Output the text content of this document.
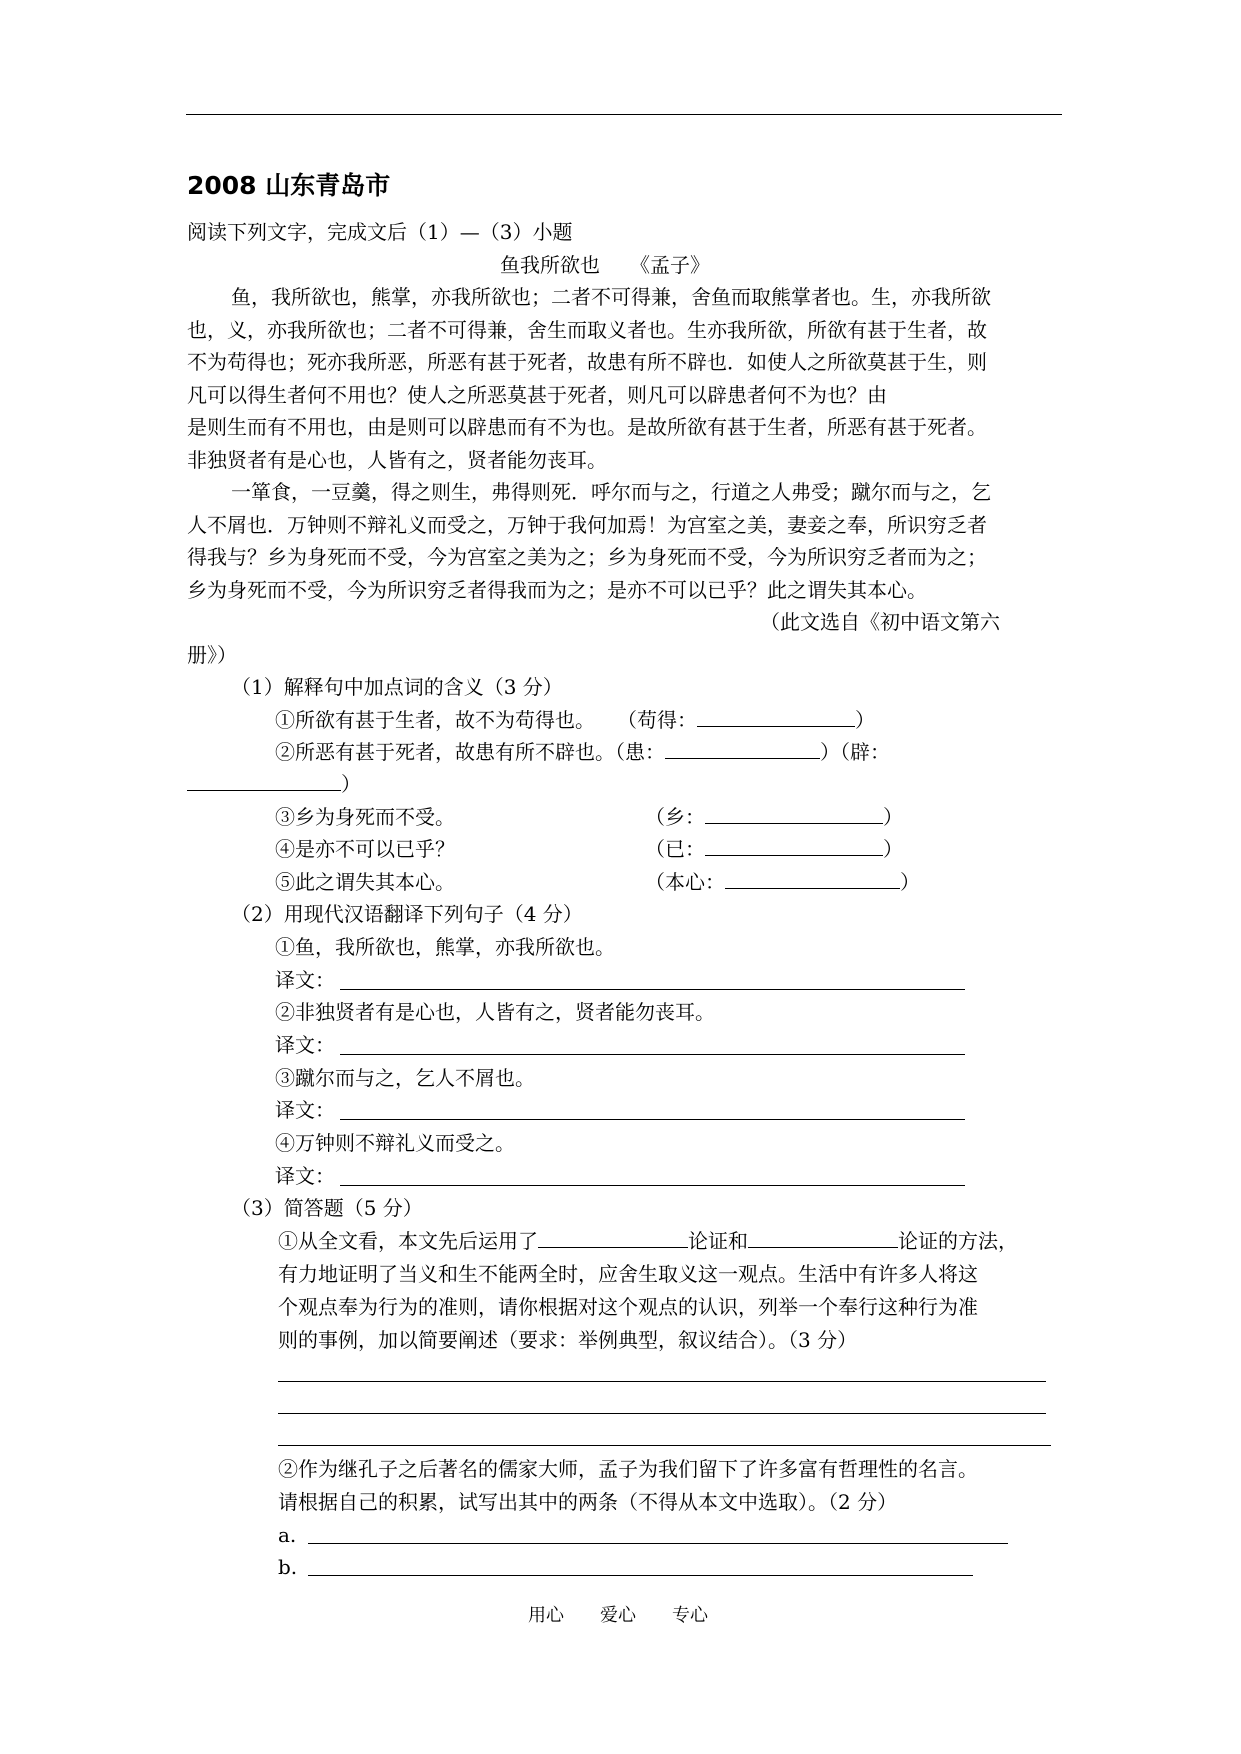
2008 山东青岛市
阅读下列文字，完成文后（1）—（3）小题
鱼我所欲也　　《孟子》
鱼，我所欲也，熊掌，亦我所欲也；二者不可得兼，舍鱼而取熊掌者也。生，亦我所欲
也，义，亦我所欲也；二者不可得兼，舍生而取义者也。生亦我所欲，所欲有甚于生者，故
不为苟得也；死亦我所恶，所恶有甚于死者，故患有所不辟也．如使人之所欲莫甚于生，则
凡可以得生者何不用也？使人之所恶莫甚于死者，则凡可以辟患者何不为也？由
是则生而有不用也，由是则可以辟患而有不为也。是故所欲有甚于生者，所恶有甚于死者。
非独贤者有是心也，人皆有之，贤者能勿丧耳。
一箪食，一豆羹，得之则生，弗得则死．呼尔而与之，行道之人弗受；蹴尔而与之，乞
人不屑也．万钟则不辩礼义而受之，万钟于我何加焉！为宫室之美，妻妾之奉，所识穷乏者
得我与？乡为身死而不受，今为宫室之美为之；乡为身死而不受，今为所识穷乏者而为之；
乡为身死而不受，今为所识穷乏者得我而为之；是亦不可以已乎？此之谓失其本心。
（此文选自《初中语文第六
册》）
（1）解释句中加点词的含义（3 分）
①所欲有甚于生者，故不为苟得也。 （苟得：	）
②所恶有甚于死者，故患有所不辟也。（患：	）（辟：
）
③乡为身死而不受。	（乡：	）
④是亦不可以已乎？	（已：	）
⑤此之谓失其本心。	（本心：	）
（2）用现代汉语翻译下列句子（4 分）
①鱼，我所欲也，熊掌，亦我所欲也。
译文：
②非独贤者有是心也，人皆有之，贤者能勿丧耳。
译文：
③蹴尔而与之，乞人不屑也。
译文：
④万钟则不辩礼义而受之。
译文：
（3）简答题（5 分）
①从全文看，本文先后运用了	论证和	论证的方法，
有力地证明了当义和生不能两全时，应舍生取义这一观点。生活中有许多人将这
个观点奉为行为的准则，请你根据对这个观点的认识，列举一个奉行这种行为准
则的事例，加以简要阐述（要求：举例典型，叙议结合）。（3 分）
②作为继孔子之后著名的儒家大师，孟子为我们留下了许多富有哲理性的名言。
请根据自己的积累，试写出其中的两条（不得从本文中选取）。（2 分）
a.
b.
用心　　爱心　　专心
